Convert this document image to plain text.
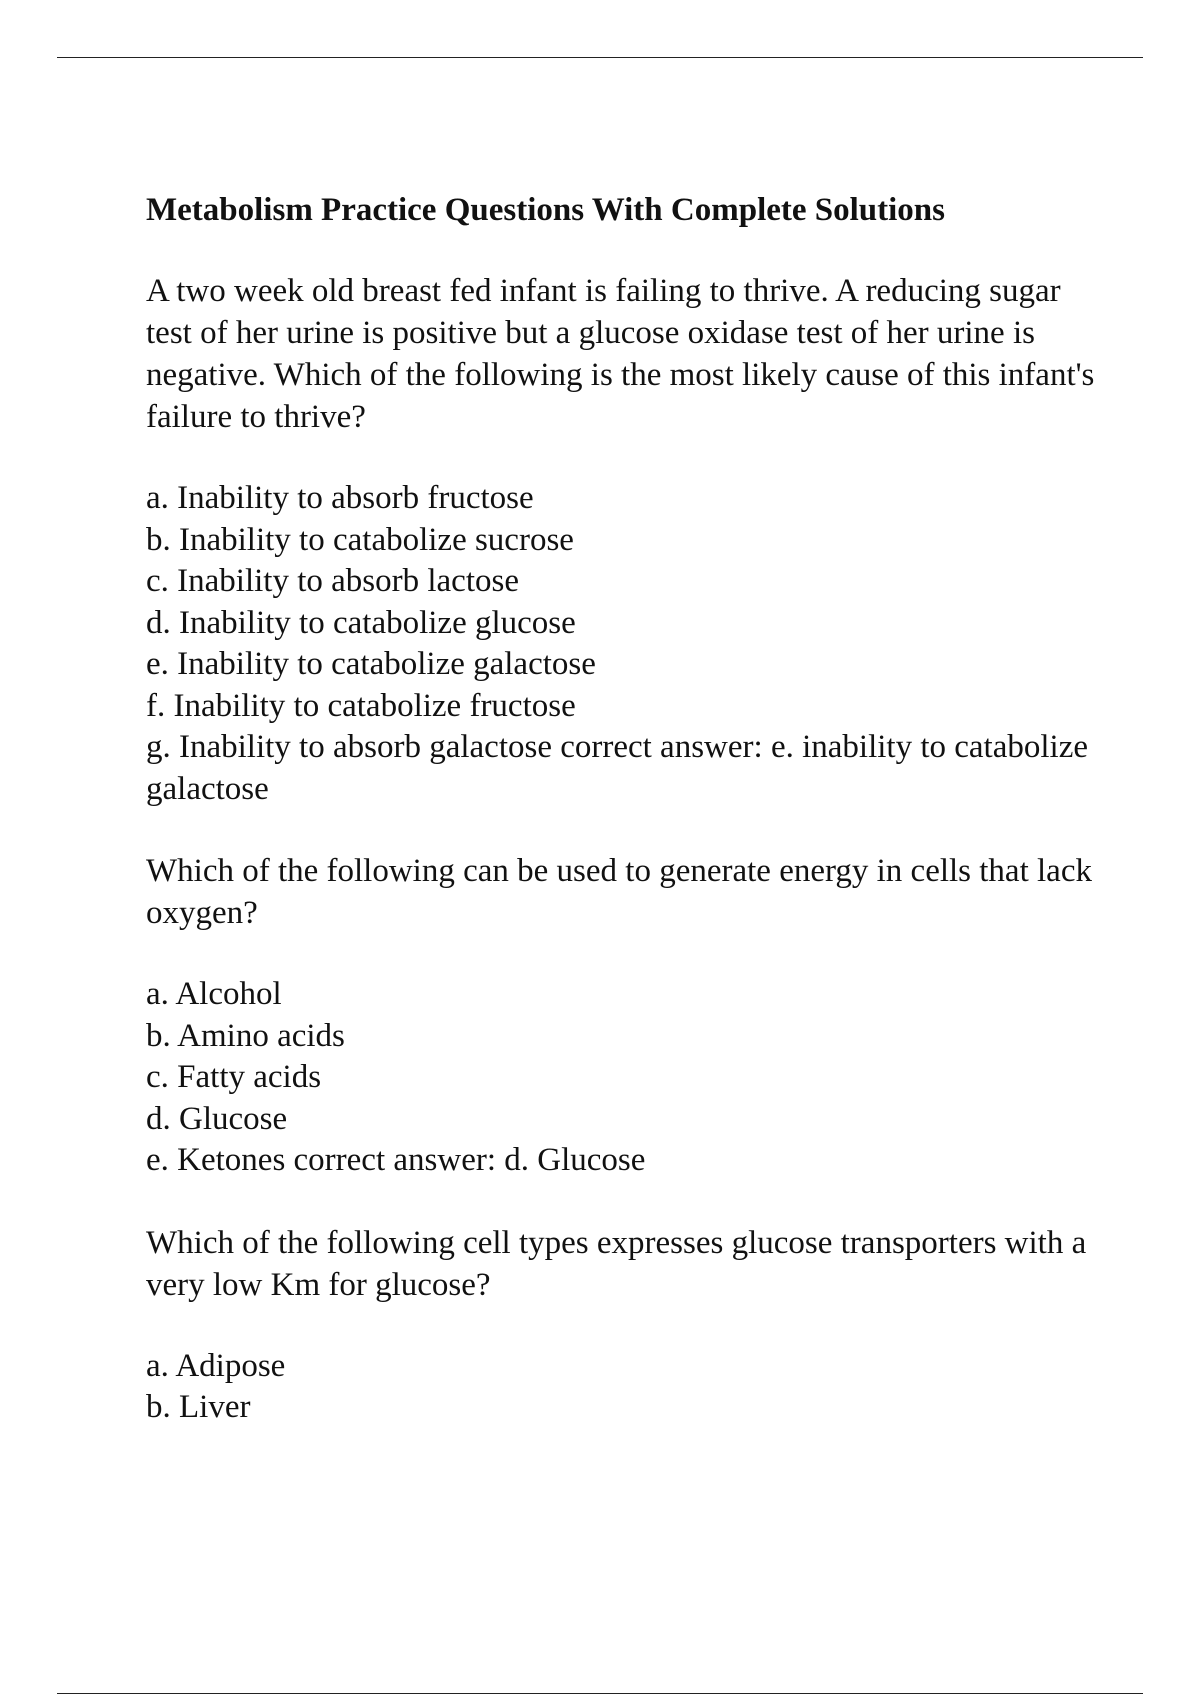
Metabolism Practice Questions With Complete Solutions
A two week old breast fed infant is failing to thrive. A reducing sugar test of her urine is positive but a glucose oxidase test of her urine is negative. Which of the following is the most likely cause of this infant's failure to thrive?
a. Inability to absorb fructose
b. Inability to catabolize sucrose
c. Inability to absorb lactose
d. Inability to catabolize glucose
e. Inability to catabolize galactose
f. Inability to catabolize fructose
g. Inability to absorb galactose correct answer: e. inability to catabolize galactose
Which of the following can be used to generate energy in cells that lack oxygen?
a. Alcohol
b. Amino acids
c. Fatty acids
d. Glucose
e. Ketones correct answer: d. Glucose
Which of the following cell types expresses glucose transporters with a very low Km for glucose?
a. Adipose
b. Liver
